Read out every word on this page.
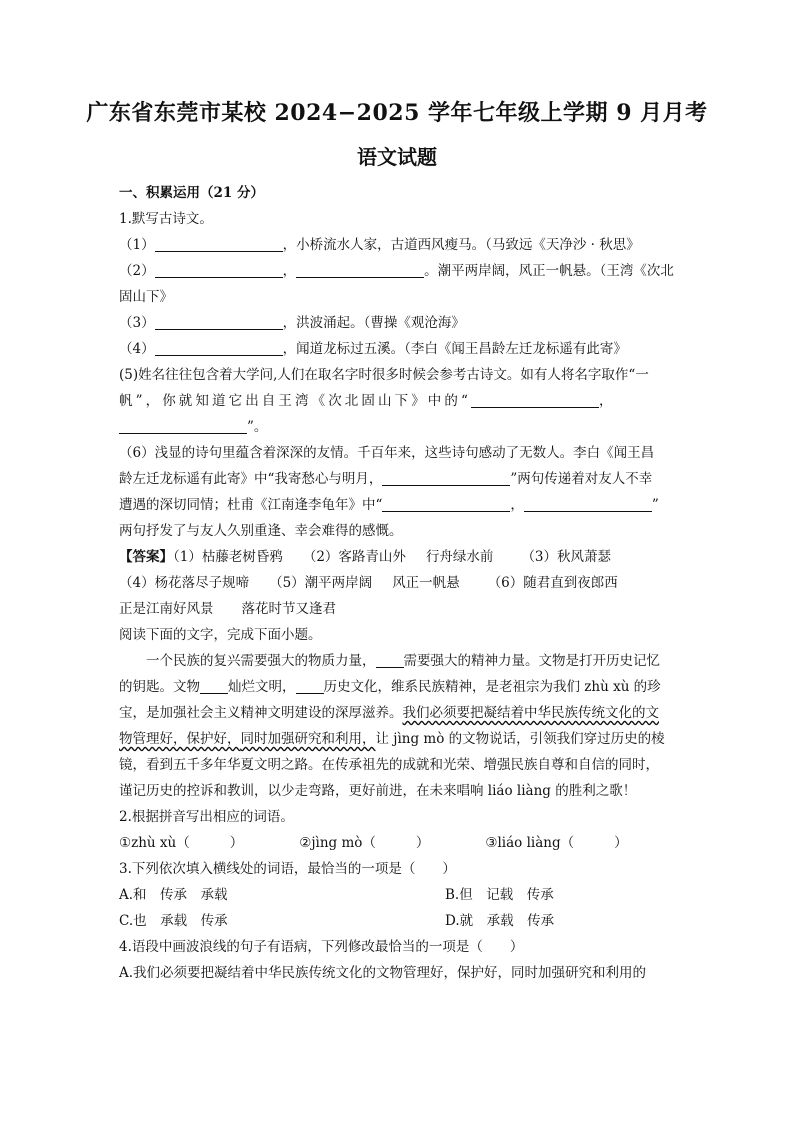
广东省东莞市某校 2024−2025 学年七年级上学期 9 月月考
语文试题
一、积累运用（21 分）
1.默写古诗文。
（1）	，小桥流水人家，古道西风瘦马。（马致远《天净沙 · 秋思》
（2）	，	。潮平两岸阔，风正一帆悬。（王湾《次北
固山下》
（3）	，洪波涌起。（曹操《观沧海》
（4）	，闻道龙标过五溪。（李白《闻王昌龄左迁龙标遥有此寄》
(5)姓名往往包含着大学问,人们在取名字时很多时候会参考古诗文。如有人将名字取作“一
帆”，你就知道它出自王湾《次北固山下》中的“	，
”。
（6）浅显的诗句里蕴含着深深的友情。千百年来，这些诗句感动了无数人。李白《闻王昌
龄左迁龙标遥有此寄》中“我寄愁心与明月，	”两句传递着对友人不幸
遭遇的深切同情；杜甫《江南逢李龟年》中“	，	”
两句抒发了与友人久别重逢、幸会难得的感慨。
【答案】（1）枯藤老树昏鸦 （2）客路青山外 行舟绿水前 （3）秋风萧瑟
（4）杨花落尽子规啼 （5）潮平两岸阔 风正一帆悬 （6）随君直到夜郎西
正是江南好风景 落花时节又逢君
阅读下面的文字，完成下面小题。
一个民族的复兴需要强大的物质力量， 需要强大的精神力量。文物是打开历史记忆
的钥匙。文物 灿烂文明， 历史文化，维系民族精神，是老祖宗为我们 zhù xù 的珍
宝，是加强社会主义精神文明建设的深厚滋养。我们必须要把凝结着中华民族传统文化的文
物管理好，保护好，同时加强研究和利用，让 jìng mò 的文物说话，引领我们穿过历史的棱
镜，看到五千多年华夏文明之路。在传承祖先的成就和光荣、增强民族自尊和自信的同时，
谨记历史的控诉和教训，以少走弯路，更好前进，在未来唱响 liáo liàng 的胜利之歌！
2.根据拼音写出相应的词语。
①zhù xù（	）	②jìng mò（	）	③liáo liàng（	）
3.下列依次填入横线处的词语，最恰当的一项是（　　）
A.和　传承　承载	B.但　记载　传承
C.也　承载　传承	D.就　承载　传承
4.语段中画波浪线的句子有语病，下列修改最恰当的一项是（　　）
A.我们必须要把凝结着中华民族传统文化的文物管理好，保护好，同时加强研究和利用的
